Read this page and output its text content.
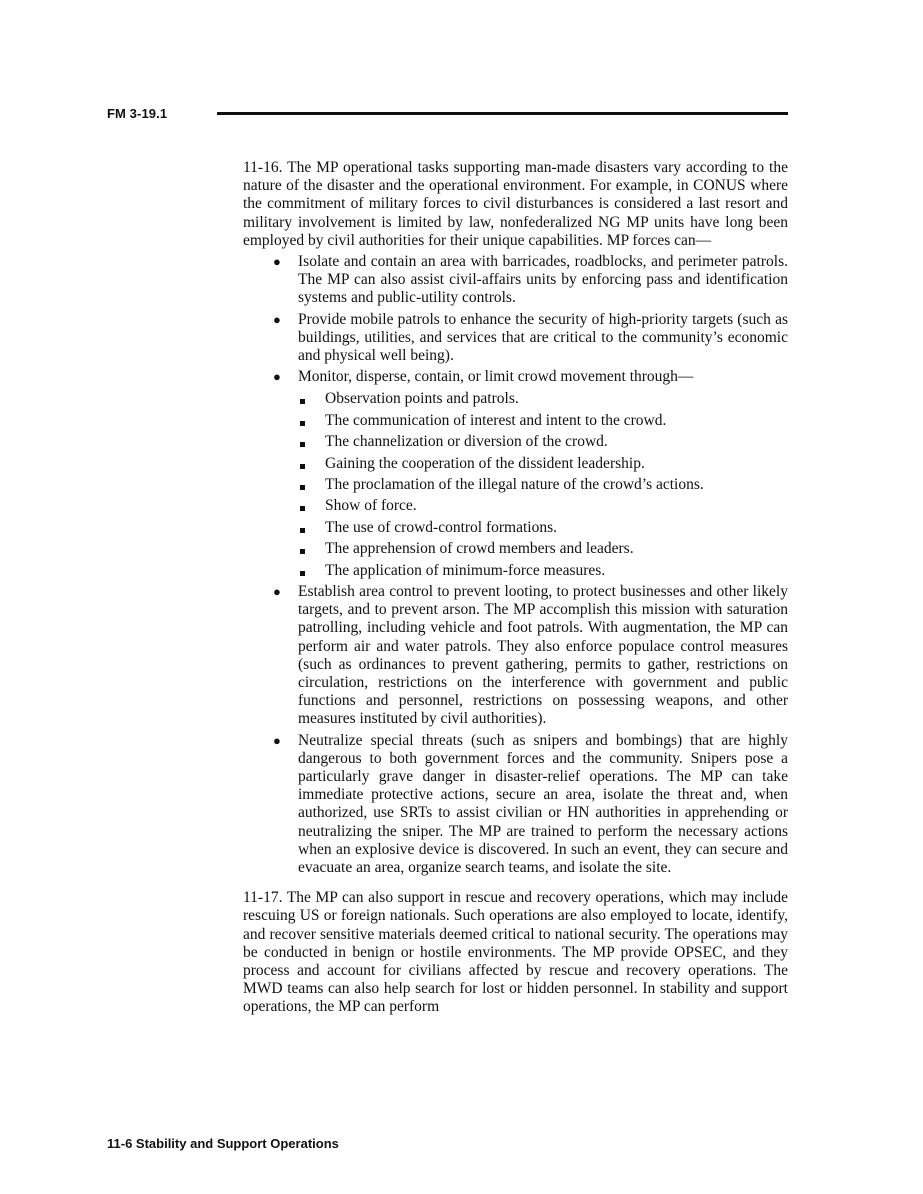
FM 3-19.1

11-16. The MP operational tasks supporting man-made disasters vary according to the nature of the disaster and the operational environment. For example, in CONUS where the commitment of military forces to civil disturbances is considered a last resort and military involvement is limited by law, nonfederalized NG MP units have long been employed by civil authorities for their unique capabilities. MP forces can—

● Isolate and contain an area with barricades, roadblocks, and perimeter patrols. The MP can also assist civil-affairs units by enforcing pass and identification systems and public-utility controls.
● Provide mobile patrols to enhance the security of high-priority targets (such as buildings, utilities, and services that are critical to the community’s economic and physical well being).
● Monitor, disperse, contain, or limit crowd movement through—
Observation points and patrols.
The communication of interest and intent to the crowd.
The channelization or diversion of the crowd.
Gaining the cooperation of the dissident leadership.
The proclamation of the illegal nature of the crowd’s actions.
Show of force.
The use of crowd-control formations.
The apprehension of crowd members and leaders.
The application of minimum-force measures.
● Establish area control to prevent looting, to protect businesses and other likely targets, and to prevent arson. The MP accomplish this mission with saturation patrolling, including vehicle and foot patrols. With augmentation, the MP can perform air and water patrols. They also enforce populace control measures (such as ordinances to prevent gathering, permits to gather, restrictions on circulation, restrictions on the interference with government and public functions and personnel, restrictions on possessing weapons, and other measures instituted by civil authorities).
● Neutralize special threats (such as snipers and bombings) that are highly dangerous to both government forces and the community. Snipers pose a particularly grave danger in disaster-relief operations. The MP can take immediate protective actions, secure an area, isolate the threat and, when authorized, use SRTs to assist civilian or HN authorities in apprehending or neutralizing the sniper. The MP are trained to perform the necessary actions when an explosive device is discovered. In such an event, they can secure and evacuate an area, organize search teams, and isolate the site.

11-17. The MP can also support in rescue and recovery operations, which may include rescuing US or foreign nationals. Such operations are also employed to locate, identify, and recover sensitive materials deemed critical to national security. The operations may be conducted in benign or hostile environments. The MP provide OPSEC, and they process and account for civilians affected by rescue and recovery operations. The MWD teams can also help search for lost or hidden personnel. In stability and support operations, the MP can perform

11-6 Stability and Support Operations
